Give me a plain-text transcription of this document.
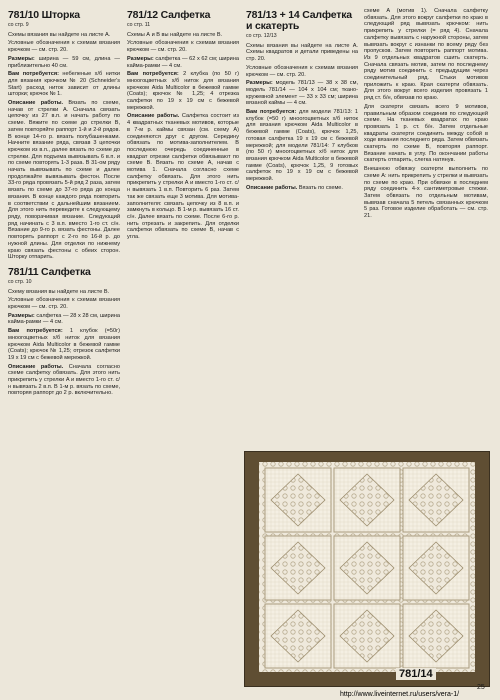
781/10 Шторка
со стр. 9
Схемы вязания вы найдете на листе А.
Условные обозначения к схемам вязания крючком — см. стр. 20.
Размеры: ширина — 59 см, длина — приблизительно 40 см.
Вам потребуется: небеленые х/б нитки для вязания крючком № 20 (Schneider's Start) расход ниток зависит от длины шторки; крючок № 1.
Описание работы. Вязать по схеме, начав от стрелки A. Сначала связать цепочку из 27 в.п. и начать работу по схеме. Вяжите по схеме до стрелки В, затем повторяйте раппорт 1-й и 2-й рядов. В конце 14-го р. вязать полубашенками. Начните вязание ряда, связав 3 цепочки крючком из в.п., далее вязать по схеме до стрелки. Для подъема вывязывать 6 в.п. и по схеме повторять 1-3 раза. В 31-ом ряду начать вывязывать по схеме и далее продолжайте вывязывать фестон. После 33-го ряда провязать 5-й ряд 2 раза, затем вязать по схеме до 37-го ряда до конца вязания. В конце каждого ряда повторить в соответствии с дальнейшим вязанием. Для этого нить переведите к следующему ряду, поворачивая вязание. Следующий ряд начинать с 3 в.п. вместо 1-го ст. с/н. Вязание до 9-го р. вязать фестоны. Далее повторять раппорт с 2-го по 16-й р. до нужной длины. Для отделки по нижнему краю связать фестоны с обеих сторон. Шторку отпарить.
781/11 Салфетка
со стр. 10
Схему вязания вы найдете на листе В.
Условные обозначения к схемам вязания крючком — см. стр. 20.
Размеры: салфетка — 28 х 28 см, ширина кайма-рамки — 4 см.
Вам потребуется: 1 клубок (=50г) мноогоцветных х/б ниток для вязания крючком Aida Multicolor в бежевой гамме (Coats); крючок № 1,25; отрезок салфетки 19 х 19 см с бежевой мережкой.
Описание работы. Сначала согласно схеме салфетку обвязать. Для этого нить прикрепить у стрелки A и вместо 1-го ст. с/н вывязать 2 в.п. В 1-м р. вязать по схеме, повторяя раппорт до 2 р. включительно.
781/12 Салфетка
со стр. 11
Схемы А и В вы найдете на листе В.
Условные обозначения к схемам вязания крючком — см. стр. 20.
Размеры: салфетка — 62 х 62 см; ширина кайма-рамки — 4 см.
Вам потребуется: 2 клубка (по 50 г) мноогоцветных х/б ниток для вязания крючком Aida Multicolor в бежевой гамме (Coats); крючок № 1,25; 4 отрезка салфетки по 19 х 19 см с бежевой мережкой.
Описание работы. Салфетка состоит из 4 квадратных тканевых мотивов, которые в 7-м р. каймы связан (см. схему А) соединяются друг с другом. Середину обвязать по мотива-заполнителем. В последнюю очередь соединенные в квадрат отрезки салфетки обвязывают по схеме В. Вязать по схеме А, начав с мотива 1. Сначала согласно схеме салфетку обвязать. Для этого нить прикрепить у стрелки А и вместо 1-го ст. с/н вывязать 1 в.п. Повторить 6 раз. Затем так же связать еще 3 мотива. Для мотива-заполнителя: связать цепочку из 8 в.п. и замкнуть в кольцо. В 1-м р. вывязать 16 ст. с/н. Далее вязать по схеме. После 6-го р. нить отрезать и закрепить. Для отделки салфетки обвязать по схеме В, начав с угла.
781/13 + 14 Салфетка и скатерть
со стр. 12/13
Схемы вязания вы найдете на листе А. Схемы квадратов и детали приведены на стр. 20.
Условные обозначения к схемам вязания крючком — см. стр. 20.
Размеры: модель 781/13 — 38 х 38 см, модель 781/14 — 104 х 104 см; ткано-кружевной элемент — 33 х 33 см; ширина вязаной каймы — 4 см.
Вам потребуется: для модели 781/13: 1 клубок (=50 г) мноогоцветных х/б ниток для вязания крючком Aida Multicolor в бежевой гамме (Coats), крючок 1,25, готовая салфетка 19 х 19 см с бежевой мережкой; для модели 781/14: 7 клубков (по 50 г) мноогоцветных х/б ниток для вязания крючком Aida Multicolor в бежевой гамме (Coats), крючок 1,25, 9 готовых салфеток по 19 х 19 см с бежевой мережкой.
Описание работы. Вязать по схеме.
схеме А (мотив 1). Сначала салфетку обвязать. Для этого вокруг салфетки по краю в следующий ряд вывязать крючком: нить прикрепить у стрелки (= ряд 4). Сначала салфетку вывязать с наружной стороны, затем вывязать вокруг с изнанки по всему ряду без пропусков. Затем повторить раппорт мотива. Из 9 отдельных квадратов сшить скатерть. Сначала связать мотив, затем по последнему ряду мотив соединить с предыдущим через соединительный ряд. Стыки мотивов приложить к краю. Края скатерти обвязать. Для этого вокруг всего изделия провязать 1 ряд ст. б/н, обвязав по краю.
Для скатерти связать всего 9 мотивов, правильным образом соединив по следующей схеме. На тканевых квадратах по краю провязать 1 р. ст. б/н. Затем отдельные квадраты скатерти соединить между собой в ходе вязания последнего ряда. Затем обвязать скатерть по схеме В, повторяя раппорт. Вязание начать в углу. По окончании работы скатерть отпарить, слегка натянув.
Внешнюю обвязку скатерти выполнить по схеме А: нить прикрепить у стрелки и вывязать по схеме по краю. При обвязке в последнем ряду соединить 4-х сантиметровые стежки. Затем обвязать по отдельным мотивам, вывязав сначала 5 петель связанных крючком 5 раз. Готовое изделие обработать — см. стр. 21.
781/14
25
http://www.liveinternet.ru/users/vera-1/
